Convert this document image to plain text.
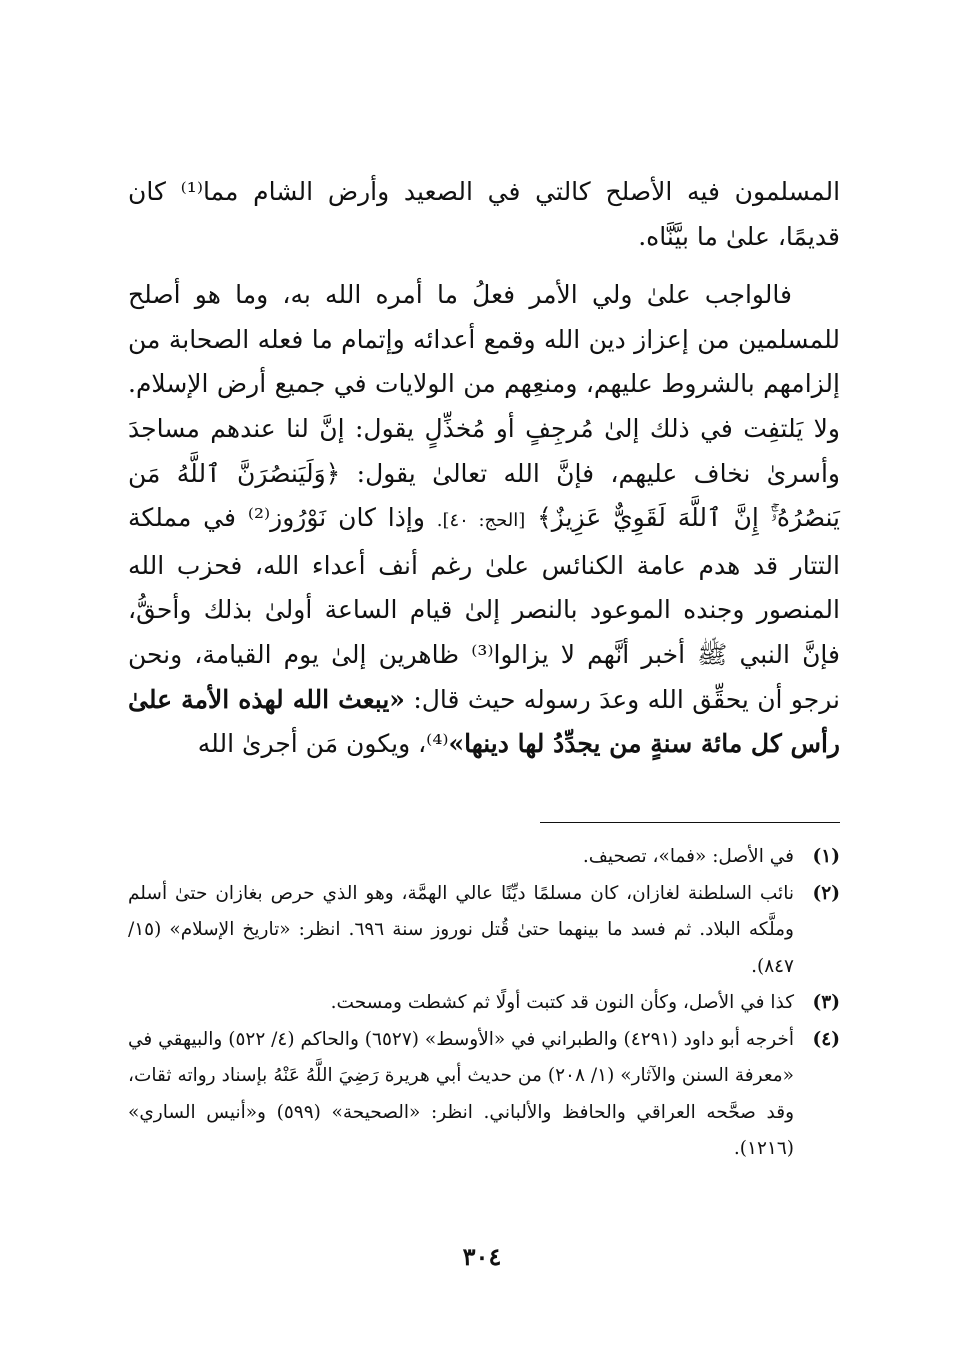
المسلمون فيه الأصلح كالتي في الصعيد وأرض الشام مما⁽¹⁾ كان قديمًا، علىٰ ما بيَّنَّاه.

فالواجب علىٰ ولي الأمر فعلُ ما أمره الله به، وما هو أصلح للمسلمين من إعزاز دين الله وقمع أعدائه وإتمام ما فعله الصحابة من إلزامهم بالشروط عليهم، ومنعِهم من الولايات في جميع أرض الإسلام. ولا يَلتفِت في ذلك إلىٰ مُرجِفٍ أو مُخذِّلٍ يقول: إنَّ لنا عندهم مساجدَ وأسرىٰ نخاف عليهم، فإنَّ الله تعالىٰ يقول: ﴿وَلَيَنصُرَنَّ ٱللَّهُ مَن يَنصُرُهُۥٓۚ إِنَّ ٱللَّهَ لَقَوِيٌّ عَزِيزٌ﴾ [الحج: ٤٠]. وإذا كان نَوْرُوز⁽²⁾ في مملكة التتار قد هدم عامة الكنائس علىٰ رغم أنف أعداء الله، فحزب الله المنصور وجنده الموعود بالنصر إلىٰ قيام الساعة أولىٰ بذلك وأحقُّ، فإنَّ النبي ﷺ أخبر أنَّهم لا يزالوا⁽³⁾ ظاهرين إلىٰ يوم القيامة، ونحن نرجو أن يحقِّق الله وعدَ رسوله حيث قال: «يبعث الله لهذه الأمة علىٰ رأس كل مائة سنةٍ من يجدِّدُ لها دينها»⁽⁴⁾، ويكون مَن أجرىٰ الله

(١)
في الأصل: «فما»، تصحيف.
(٢)
نائب السلطنة لغازان، كان مسلمًا ديِّنًا عالي الهمَّة، وهو الذي حرص بغازان حتىٰ أسلم وملَّكه البلاد. ثم فسد ما بينهما حتىٰ قُتل نوروز سنة ٦٩٦. انظر: «تاريخ الإسلام» (١٥/ ٨٤٧).
(٣)
كذا في الأصل، وكأن النون قد كتبت أولًا ثم كشطت ومسحت.
(٤)
أخرجه أبو داود (٤٢٩١) والطبراني في «الأوسط» (٦٥٢٧) والحاكم (٤/ ٥٢٢) والبيهقي في «معرفة السنن والآثار» (١/ ٢٠٨) من حديث أبي هريرة رَضِيَ اللَّهُ عَنْهُ بإسناد رواته ثقات، وقد صحَّحه العراقي والحافظ والألباني. انظر: «الصحيحة» (٥٩٩) و«أنيس الساري» (١٢١٦).
٣٠٤
